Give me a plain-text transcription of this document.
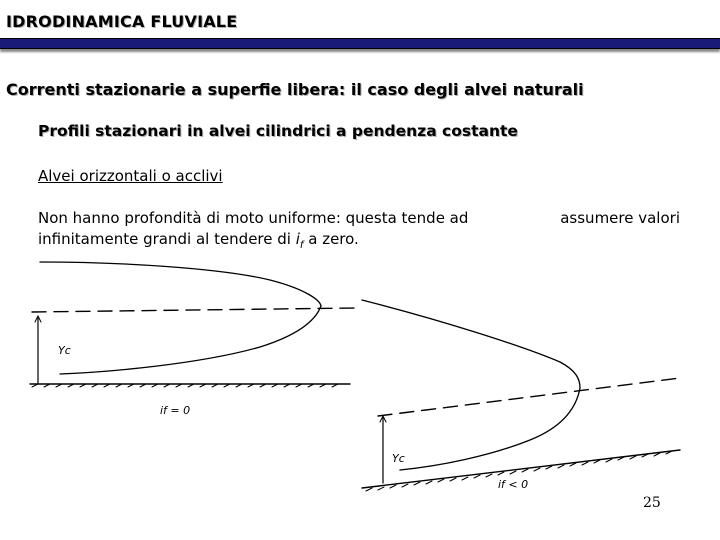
IDRODINAMICA FLUVIALE
Correnti stazionarie a superfie libera: il caso degli alvei naturali
Profili stazionari in alvei cilindrici a pendenza costante
Alvei orizzontali o acclivi
Non hanno profondità di moto uniforme: questa tende ad	assumere valori
infinitamente grandi al tendere di $i_f$ a zero.
Yc
if = 0
Yc
if < 0
25
